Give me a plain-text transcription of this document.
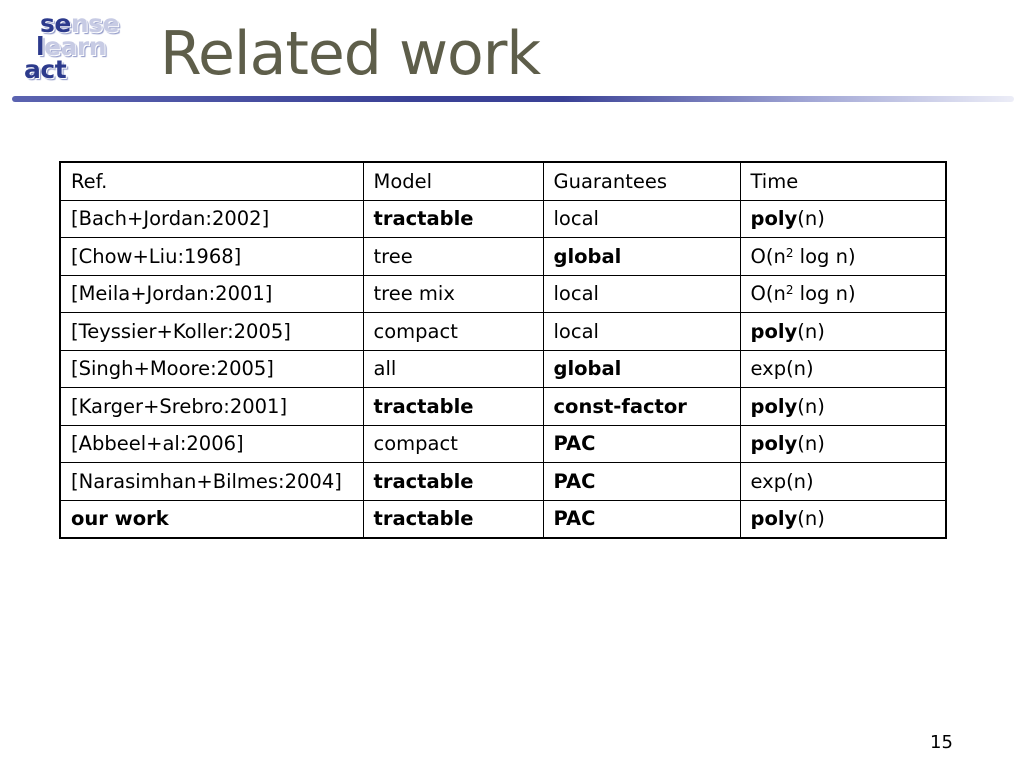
sense
learn
act Related work
Ref.	Model	Guarantees	Time
[Bach+Jordan:2002]	tractable	local	poly(n)
[Chow+Liu:1968]	tree	global	$O(n^2$ log n)
[Meila+Jordan:2001]	tree mix	local	$O(n^2$ log n)
[Teyssier+Koller:2005]	compact	local	poly(n)
[Singh+Moore:2005]	all	global	exp(n)
[Karger+Srebro:2001]	tractable	const-factor	poly(n)
[Abbeel+al:2006]	compact	PAC	poly(n)
[Narasimhan+Bilmes:2004]	tractable	PAC	exp(n)
our work	tractable	PAC	poly(n)
15
